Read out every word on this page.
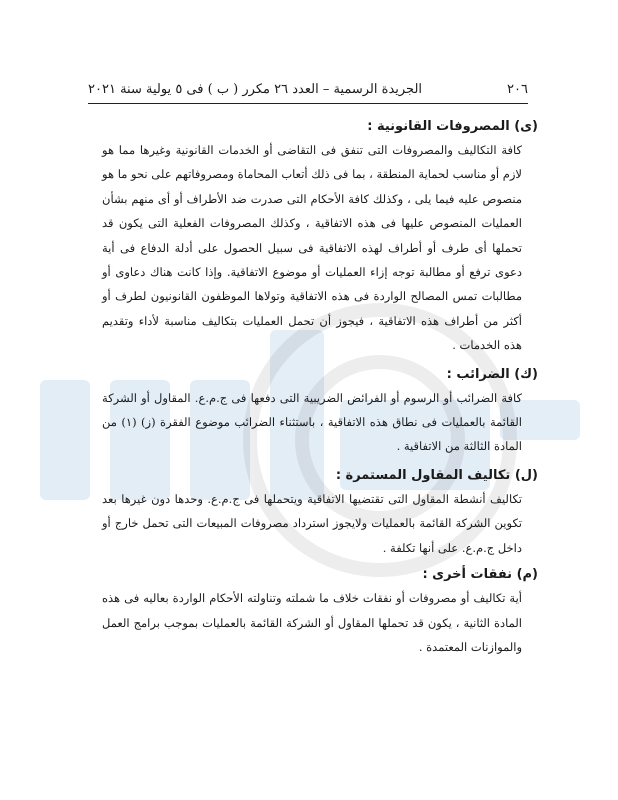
٢٠٦
الجريدة الرسمية – العدد ٢٦ مكرر ( ب ) فى ٥ يولية سنة ٢٠٢١
(ى) المصروفات القانونية :

كافة التكاليف والمصروفات التى تنفق فى التقاضى أو الخدمات القانونية وغيرها مما هو لازم أو مناسب لحماية المنطقة ، بما فى ذلك أتعاب المحاماة ومصروفاتهم على نحو ما هو منصوص عليه فيما يلى ، وكذلك كافة الأحكام التى صدرت ضد الأطراف أو أى منهم بشأن العمليات المنصوص عليها فى هذه الاتفاقية ، وكذلك المصروفات الفعلية التى يكون قد تحملها أى طرف أو أطراف لهذه الاتفاقية فى سبيل الحصول على أدلة الدفاع فى أية دعوى ترفع أو مطالبة توجه إزاء العمليات أو موضوع الاتفاقية. وإذا كانت هناك دعاوى أو مطالبات تمس المصالح الواردة فى هذه الاتفاقية وتولاها الموظفون القانونيون لطرف أو أكثر من أطراف هذه الاتفاقية ، فيجوز أن تحمل العمليات بتكاليف مناسبة لأداء وتقديم هذه الخدمات .

(ك) الضرائب :

كافة الضرائب أو الرسوم أو الفرائض الضريبية التى دفعها فى ج.م.ع. المقاول أو الشركة القائمة بالعمليات فى نطاق هذه الاتفاقية ، باستثناء الضرائب موضوع الفقرة (ز) (١) من المادة الثالثة من الاتفاقية .

(ل) تكاليف المقاول المستمرة :

تكاليف أنشطة المقاول التى تقتضيها الاتفاقية ويتحملها فى ج.م.ع. وحدها دون غيرها بعد تكوين الشركة القائمة بالعمليات ولايجوز استرداد مصروفات المبيعات التى تحمل خارج أو داخل ج.م.ع. على أنها تكلفة .

(م) نفقات أخرى :

أية تكاليف أو مصروفات أو نفقات خلاف ما شملته وتناولته الأحكام الواردة بعاليه فى هذه المادة الثانية ، يكون قد تحملها المقاول أو الشركة القائمة بالعمليات بموجب برامج العمل والموازنات المعتمدة .
